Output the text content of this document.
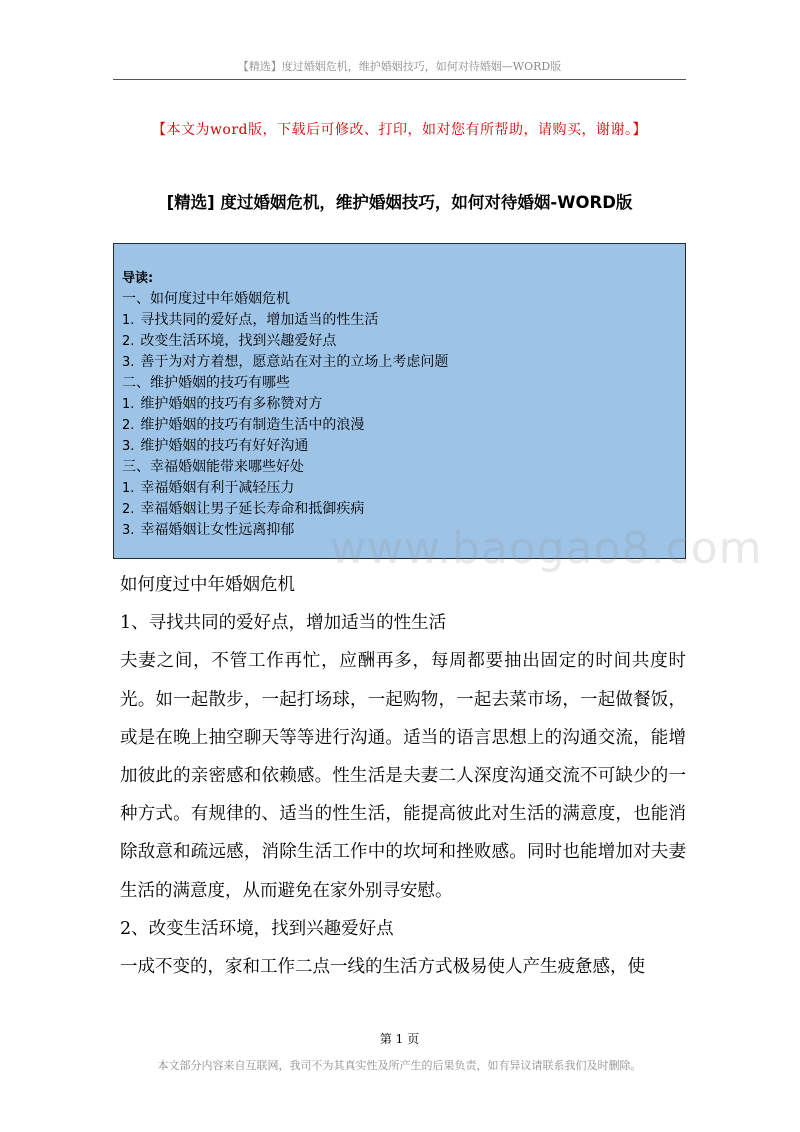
【精选】度过婚姻危机，维护婚姻技巧，如何对待婚姻—WORD版
【本文为word版，下载后可修改、打印，如对您有所帮助，请购买，谢谢。】
[精选] 度过婚姻危机，维护婚姻技巧，如何对待婚姻-WORD版
导读:
一、如何度过中年婚姻危机
1. 寻找共同的爱好点，增加适当的性生活
2. 改变生活环境，找到兴趣爱好点
3. 善于为对方着想，愿意站在对主的立场上考虑问题
二、维护婚姻的技巧有哪些
1. 维护婚姻的技巧有多称赞对方
2. 维护婚姻的技巧有制造生活中的浪漫
3. 维护婚姻的技巧有好好沟通
三、幸福婚姻能带来哪些好处
1. 幸福婚姻有利于减轻压力
2. 幸福婚姻让男子延长寿命和抵御疾病
3. 幸福婚姻让女性远离抑郁 www.baogao8.com

如何度过中年婚姻危机

1、寻找共同的爱好点，增加适当的性生活

夫妻之间，不管工作再忙，应酬再多，每周都要抽出固定的时间共度时光。如一起散步，一起打场球，一起购物，一起去菜市场，一起做餐饭，或是在晚上抽空聊天等等进行沟通。适当的语言思想上的沟通交流，能增加彼此的亲密感和依赖感。性生活是夫妻二人深度沟通交流不可缺少的一种方式。有规律的、适当的性生活，能提高彼此对生活的满意度，也能消除敌意和疏远感，消除生活工作中的坎坷和挫败感。同时也能增加对夫妻生活的满意度，从而避免在家外别寻安慰。

2、改变生活环境，找到兴趣爱好点

一成不变的，家和工作二点一线的生活方式极易使人产生疲惫感，使

第 1 页
本文部分内容来自互联网，我司不为其真实性及所产生的后果负责，如有异议请联系我们及时删除。
